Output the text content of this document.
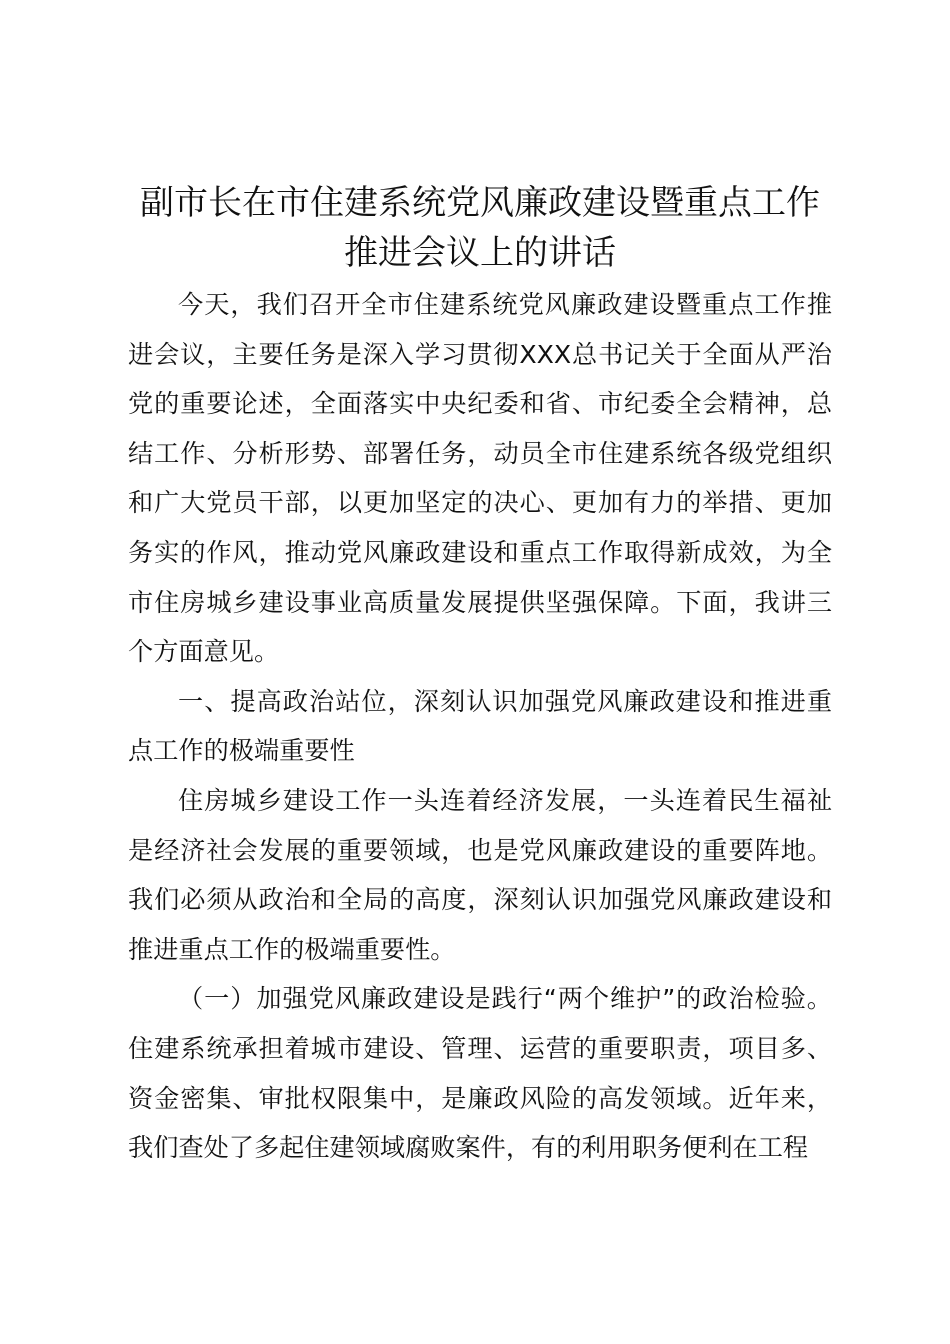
副市长在市住建系统党风廉政建设暨重点工作
推进会议上的讲话

今天，我们召开全市住建系统党风廉政建设暨重点工作推进会议，主要任务是深入学习贯彻XXX总书记关于全面从严治党的重要论述，全面落实中央纪委和省、市纪委全会精神，总结工作、分析形势、部署任务，动员全市住建系统各级党组织和广大党员干部，以更加坚定的决心、更加有力的举措、更加务实的作风，推动党风廉政建设和重点工作取得新成效，为全市住房城乡建设事业高质量发展提供坚强保障。下面，我讲三个方面意见。

一、提高政治站位，深刻认识加强党风廉政建设和推进重点工作的极端重要性

住房城乡建设工作一头连着经济发展，一头连着民生福祉是经济社会发展的重要领域，也是党风廉政建设的重要阵地。我们必须从政治和全局的高度，深刻认识加强党风廉政建设和推进重点工作的极端重要性。

（一）加强党风廉政建设是践行“两个维护”的政治检验。住建系统承担着城市建设、管理、运营的重要职责，项目多、资金密集、审批权限集中，是廉政风险的高发领域。近年来，我们查处了多起住建领域腐败案件，有的利用职务便利在工程
